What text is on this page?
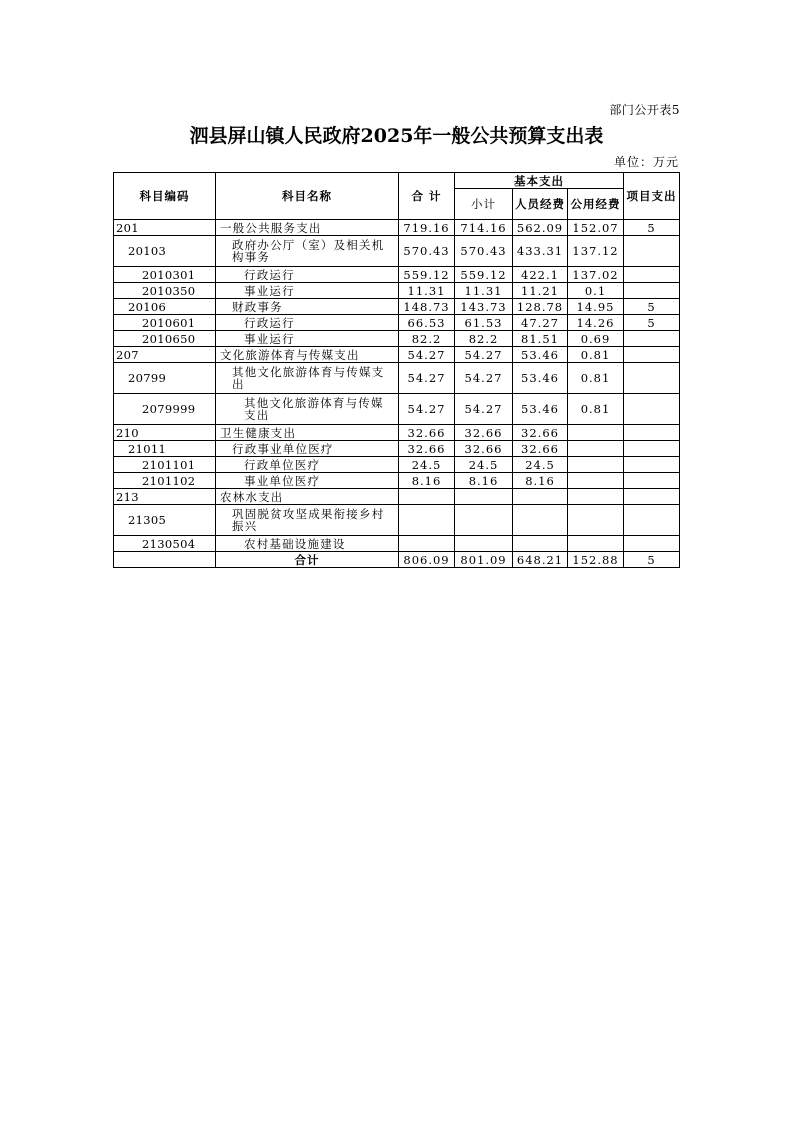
部门公开表5
泗县屏山镇人民政府2025年一般公共预算支出表
单位：万元
科目编码	科目名称	合 计	基本支出			项目支出
			小计	人员经费	公用经费	
201	一般公共服务支出	719.16	714.16	562.09	152.07	5
20103	政府办公厅（室）及相关机构事务	570.43	570.43	433.31	137.12	
2010301	行政运行	559.12	559.12	422.1	137.02	
2010350	事业运行	11.31	11.31	11.21	0.1	
20106	财政事务	148.73	143.73	128.78	14.95	5
2010601	行政运行	66.53	61.53	47.27	14.26	5
2010650	事业运行	82.2	82.2	81.51	0.69	
207	文化旅游体育与传媒支出	54.27	54.27	53.46	0.81	
20799	其他文化旅游体育与传媒支出	54.27	54.27	53.46	0.81	
2079999	其他文化旅游体育与传媒支出	54.27	54.27	53.46	0.81	
210	卫生健康支出	32.66	32.66	32.66		
21011	行政事业单位医疗	32.66	32.66	32.66		
2101101	行政单位医疗	24.5	24.5	24.5		
2101102	事业单位医疗	8.16	8.16	8.16		
213	农林水支出					
21305	巩固脱贫攻坚成果衔接乡村振兴					
2130504	农村基础设施建设					
	合计	806.09	801.09	648.21	152.88	5
